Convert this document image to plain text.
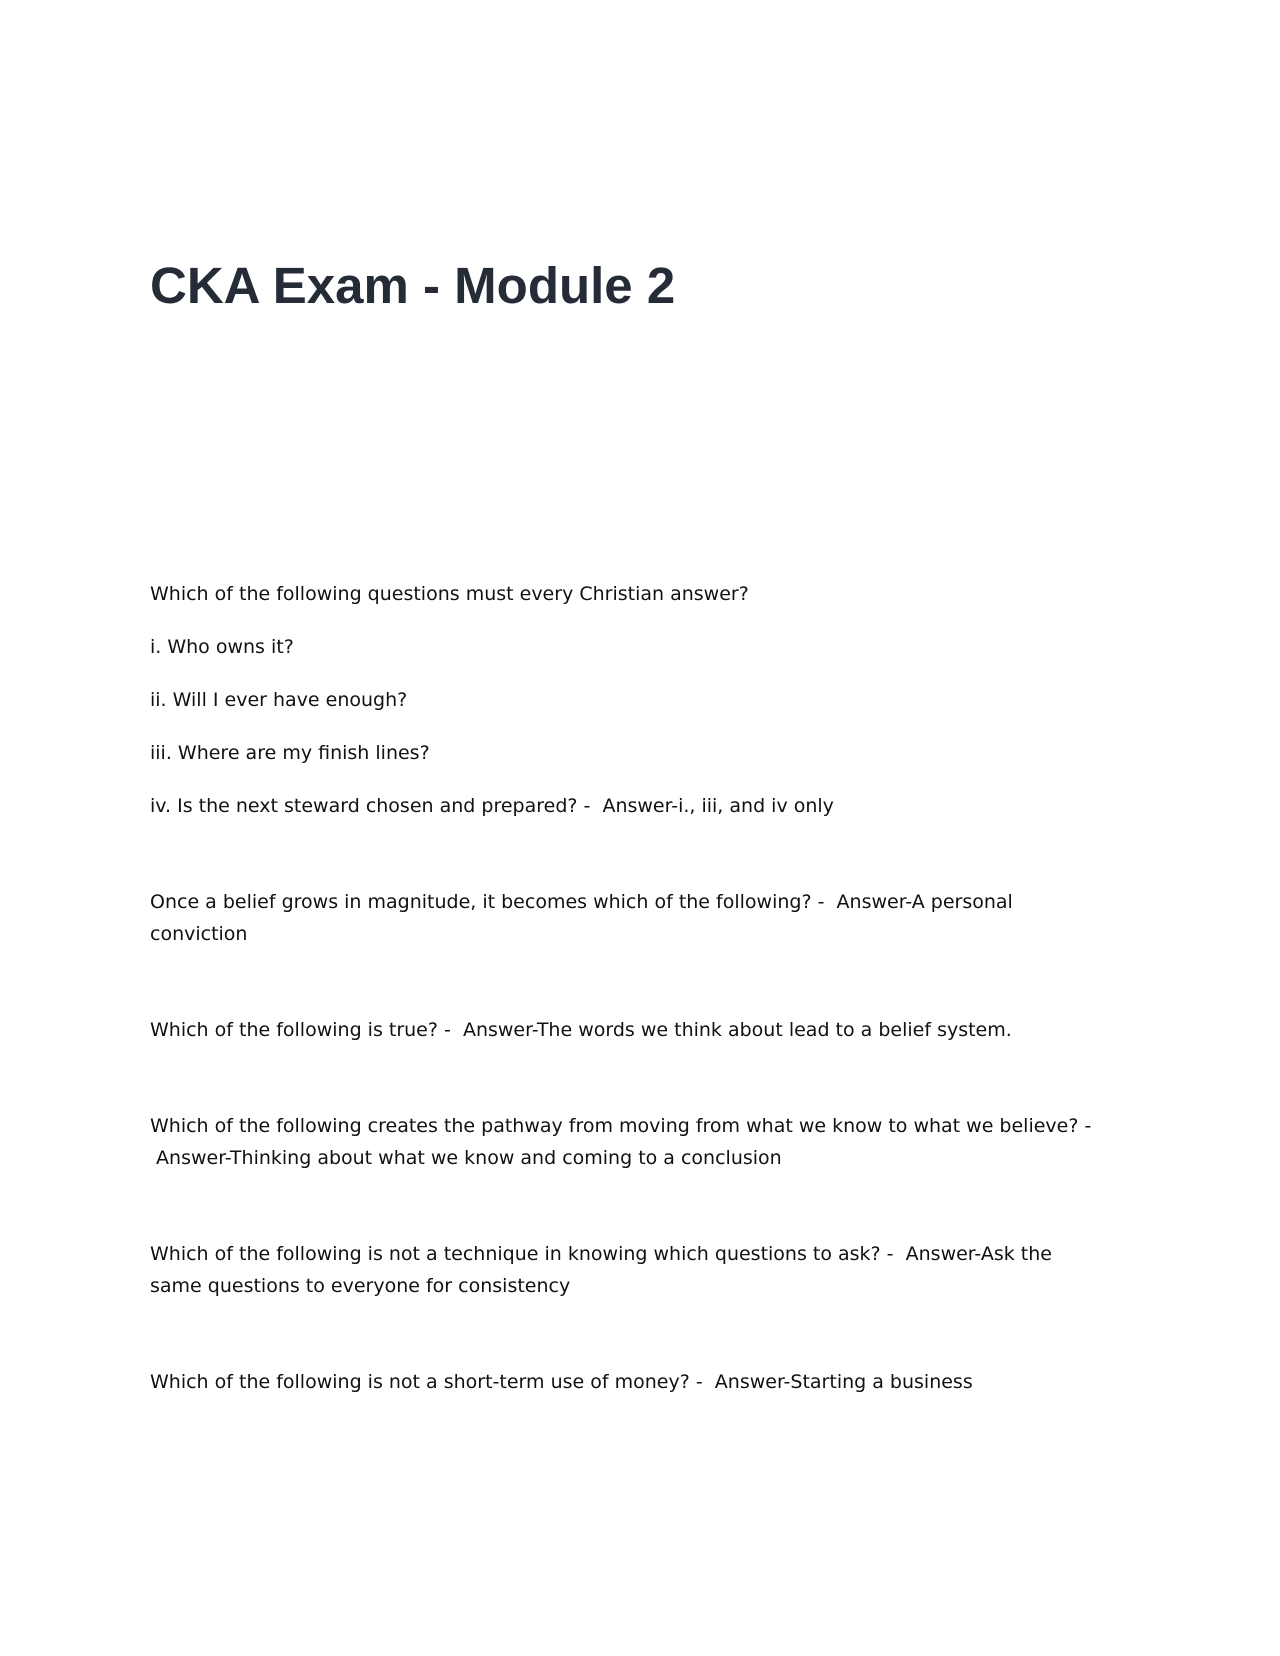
CKA Exam - Module 2

Which of the following questions must every Christian answer?

i. Who owns it?

ii. Will I ever have enough?

iii. Where are my finish lines?

iv. Is the next steward chosen and prepared? - Answer-i., iii, and iv only

Once a belief grows in magnitude, it becomes which of the following? - Answer-A personal conviction

Which of the following is true? - Answer-The words we think about lead to a belief system.

Which of the following creates the pathway from moving from what we know to what we believe? - Answer-Thinking about what we know and coming to a conclusion

Which of the following is not a technique in knowing which questions to ask? - Answer-Ask the same questions to everyone for consistency

Which of the following is not a short-term use of money? - Answer-Starting a business
